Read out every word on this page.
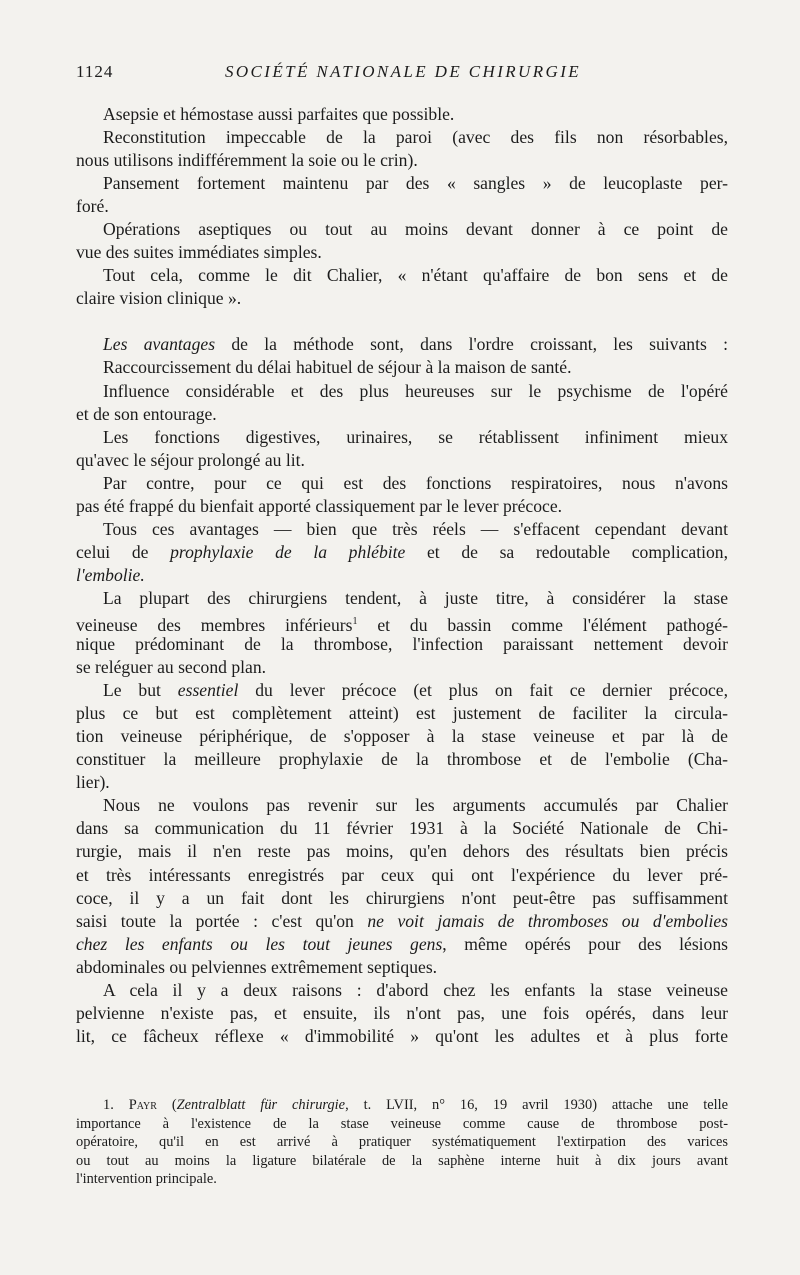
1124	SOCIÉTÉ NATIONALE DE CHIRURGIE
Asepsie et hémostase aussi parfaites que possible.
Reconstitution impeccable de la paroi (avec des fils non résorbables,
nous utilisons indifféremment la soie ou le crin).
Pansement fortement maintenu par des « sangles » de leucoplaste per-
foré.
Opérations aseptiques ou tout au moins devant donner à ce point de
vue des suites immédiates simples.
Tout cela, comme le dit Chalier, « n'étant qu'affaire de bon sens et de
claire vision clinique ».
Les avantages de la méthode sont, dans l'ordre croissant, les suivants :
Raccourcissement du délai habituel de séjour à la maison de santé.
Influence considérable et des plus heureuses sur le psychisme de l'opéré
et de son entourage.
Les fonctions digestives, urinaires, se rétablissent infiniment mieux
qu'avec le séjour prolongé au lit.
Par contre, pour ce qui est des fonctions respiratoires, nous n'avons
pas été frappé du bienfait apporté classiquement par le lever précoce.
Tous ces avantages — bien que très réels — s'effacent cependant devant
celui de prophylaxie de la phlébite et de sa redoutable complication,
l'embolie.
La plupart des chirurgiens tendent, à juste titre, à considérer la stase
veineuse des membres inférieurs$^1$ et du bassin comme l'élément pathogé-
nique prédominant de la thrombose, l'infection paraissant nettement devoir
se reléguer au second plan.
Le but essentiel du lever précoce (et plus on fait ce dernier précoce,
plus ce but est complètement atteint) est justement de faciliter la circula-
tion veineuse périphérique, de s'opposer à la stase veineuse et par là de
constituer la meilleure prophylaxie de la thrombose et de l'embolie (Cha-
lier).
Nous ne voulons pas revenir sur les arguments accumulés par Chalier
dans sa communication du 11 février 1931 à la Société Nationale de Chi-
rurgie, mais il n'en reste pas moins, qu'en dehors des résultats bien précis
et très intéressants enregistrés par ceux qui ont l'expérience du lever pré-
coce, il y a un fait dont les chirurgiens n'ont peut-être pas suffisamment
saisi toute la portée : c'est qu'on ne voit jamais de thromboses ou d'embolies
chez les enfants ou les tout jeunes gens, même opérés pour des lésions
abdominales ou pelviennes extrêmement septiques.
A cela il y a deux raisons : d'abord chez les enfants la stase veineuse
pelvienne n'existe pas, et ensuite, ils n'ont pas, une fois opérés, dans leur
lit, ce fâcheux réflexe « d'immobilité » qu'ont les adultes et à plus forte
1. Payr (Zentralblatt für chirurgie, t. LVII, n° 16, 19 avril 1930) attache une telle
importance à l'existence de la stase veineuse comme cause de thrombose post-
opératoire, qu'il en est arrivé à pratiquer systématiquement l'extirpation des varices
ou tout au moins la ligature bilatérale de la saphène interne huit à dix jours avant
l'intervention principale.
